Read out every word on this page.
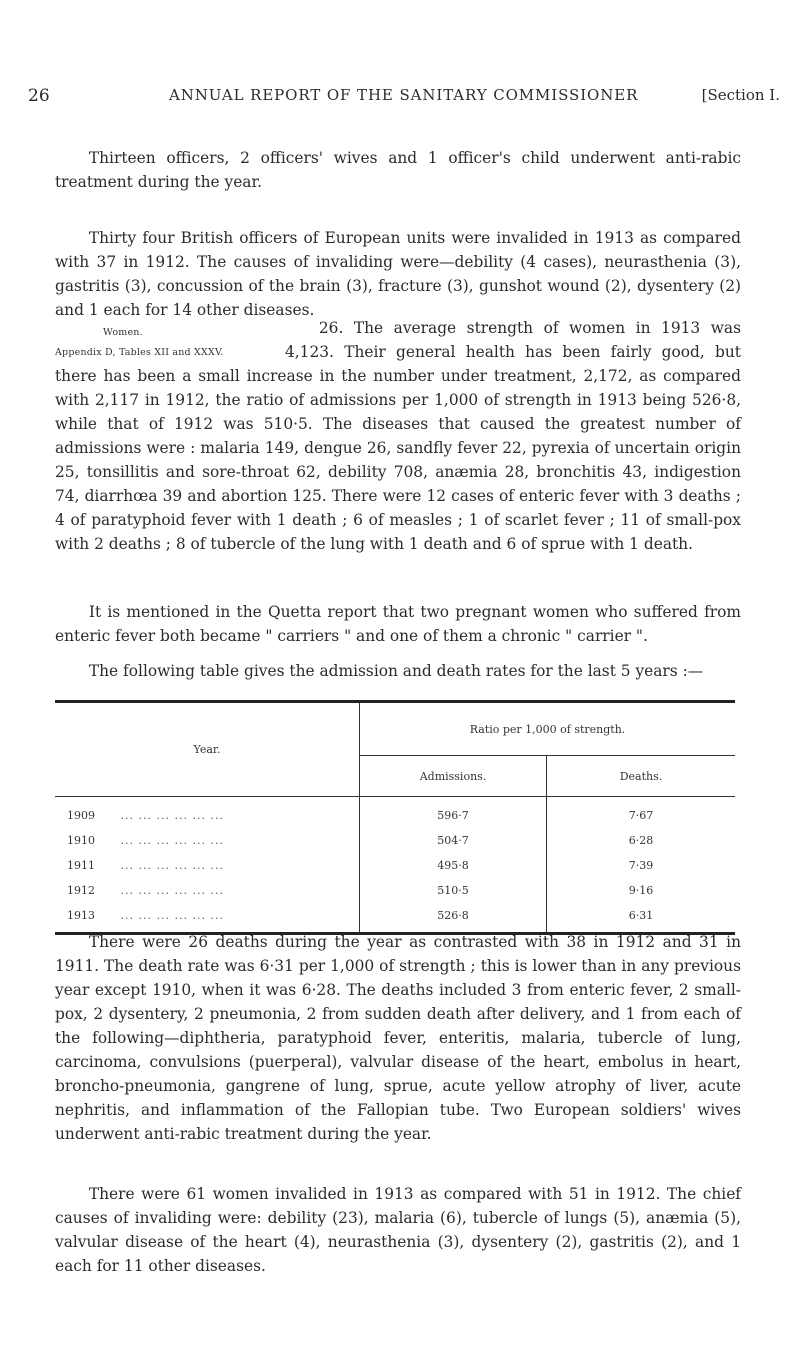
26	ANNUAL REPORT OF THE SANITARY COMMISSIONER	[Section I.

Thirteen officers, 2 officers' wives and 1 officer's child underwent anti-rabic treatment during the year.

Thirty four British officers of European units were invalided in 1913 as compared with 37 in 1912. The causes of invaliding were—debility (4 cases), neurasthenia (3), gastritis (3), concussion of the brain (3), fracture (3), gunshot wound (2), dysentery (2) and 1 each for 14 other diseases.

Women.
Appendix D, Tables XII and XXXV.

26. The average strength of women in 1913 was 4,123. Their general health has been fairly good, but there has been a small increase in the number under treatment, 2,172, as compared with 2,117 in 1912, the ratio of admissions per 1,000 of strength in 1913 being 526·8, while that of 1912 was 510·5. The diseases that caused the greatest number of admissions were : malaria 149, dengue 26, sandfly fever 22, pyrexia of uncertain origin 25, tonsillitis and sore-throat 62, debility 708, anæmia 28, bronchitis 43, indigestion 74, diarrhœa 39 and abortion 125. There were 12 cases of enteric fever with 3 deaths ; 4 of paratyphoid fever with 1 death ; 6 of measles ; 1 of scarlet fever ; 11 of small-pox with 2 deaths ; 8 of tubercle of the lung with 1 death and 6 of sprue with 1 death.

It is mentioned in the Quetta report that two pregnant women who suffered from enteric fever both became " carriers " and one of them a chronic " carrier ".

The following table gives the admission and death rates for the last 5 years :—

Year.	Ratio per 1,000 of strength.	
	Admissions.	Deaths.
1909 ... ... ... ... ... ...	596·7	7·67
1910 ... ... ... ... ... ...	504·7	6·28
1911 ... ... ... ... ... ...	495·8	7·39
1912 ... ... ... ... ... ...	510·5	9·16
1913 ... ... ... ... ... ...	526·8	6·31

There were 26 deaths during the year as contrasted with 38 in 1912 and 31 in 1911. The death rate was 6·31 per 1,000 of strength ; this is lower than in any previous year except 1910, when it was 6·28. The deaths included 3 from enteric fever, 2 small-pox, 2 dysentery, 2 pneumonia, 2 from sudden death after delivery, and 1 from each of the following—diphtheria, paratyphoid fever, enteritis, malaria, tubercle of lung, carcinoma, convulsions (puerperal), valvular disease of the heart, embolus in heart, broncho-pneumonia, gangrene of lung, sprue, acute yellow atrophy of liver, acute nephritis, and inflammation of the Fallopian tube. Two European soldiers' wives underwent anti-rabic treatment during the year.

There were 61 women invalided in 1913 as compared with 51 in 1912. The chief causes of invaliding were: debility (23), malaria (6), tubercle of lungs (5), anæmia (5), valvular disease of the heart (4), neurasthenia (3), dysentery (2), gastritis (2), and 1 each for 11 other diseases.
